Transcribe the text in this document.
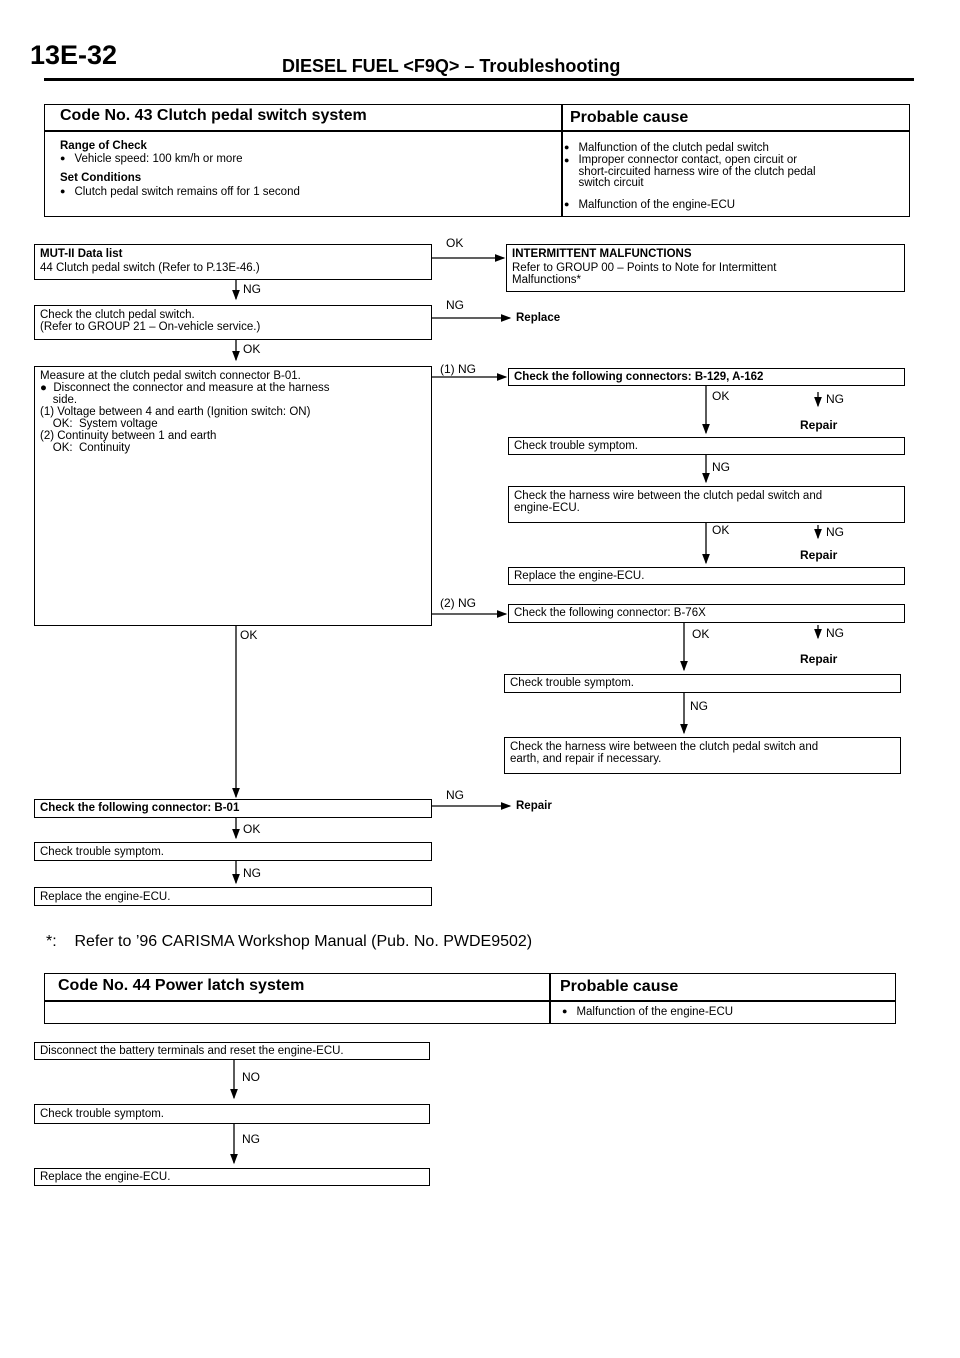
13E-32	DIESEL FUEL <F9Q> – Troubleshooting
Code No. 43 Clutch pedal switch system	Probable cause
Range of Check
● Vehicle speed: 100 km/h or more
Set Conditions
● Clutch pedal switch remains off for 1 second
● Malfunction of the clutch pedal switch
● Improper connector contact, open circuit or
short-circuited harness wire of the clutch pedal
switch circuit
● Malfunction of the engine-ECU
MUT-II Data list
44 Clutch pedal switch (Refer to P.13E-46.)
Check the clutch pedal switch.
(Refer to GROUP 21 – On-vehicle service.)
Measure at the clutch pedal switch connector B-01.
●  Disconnect the connector and measure at the harness
side.
(1) Voltage between 4 and earth (Ignition switch: ON)
OK:  System voltage
(2) Continuity between 1 and earth
OK:  Continuity
Check the following connector: B-01
Check trouble symptom.
Replace the engine-ECU.
INTERMITTENT MALFUNCTIONS
Refer to GROUP 00 – Points to Note for Intermittent
Malfunctions*
Replace
Check the following connectors: B-129, A-162
Check trouble symptom.
Check the harness wire between the clutch pedal switch and
engine-ECU.
Replace the engine-ECU.
Check the following connector: B-76X
Check trouble symptom.
Check the harness wire between the clutch pedal switch and
earth, and repair if necessary.
Repair
OK
NG
NG
OK
(1) NG
OK	NG
Repair
NG
OK	NG
Repair
(2) NG
OK	OK	NG
Repair
NG
NG
OK
NG
*:    Refer to ’96 CARISMA Workshop Manual (Pub. No. PWDE9502)
Code No. 44 Power latch system	Probable cause
● Malfunction of the engine-ECU
Disconnect the battery terminals and reset the engine-ECU.
NO
Check trouble symptom.
NG
Replace the engine-ECU.
